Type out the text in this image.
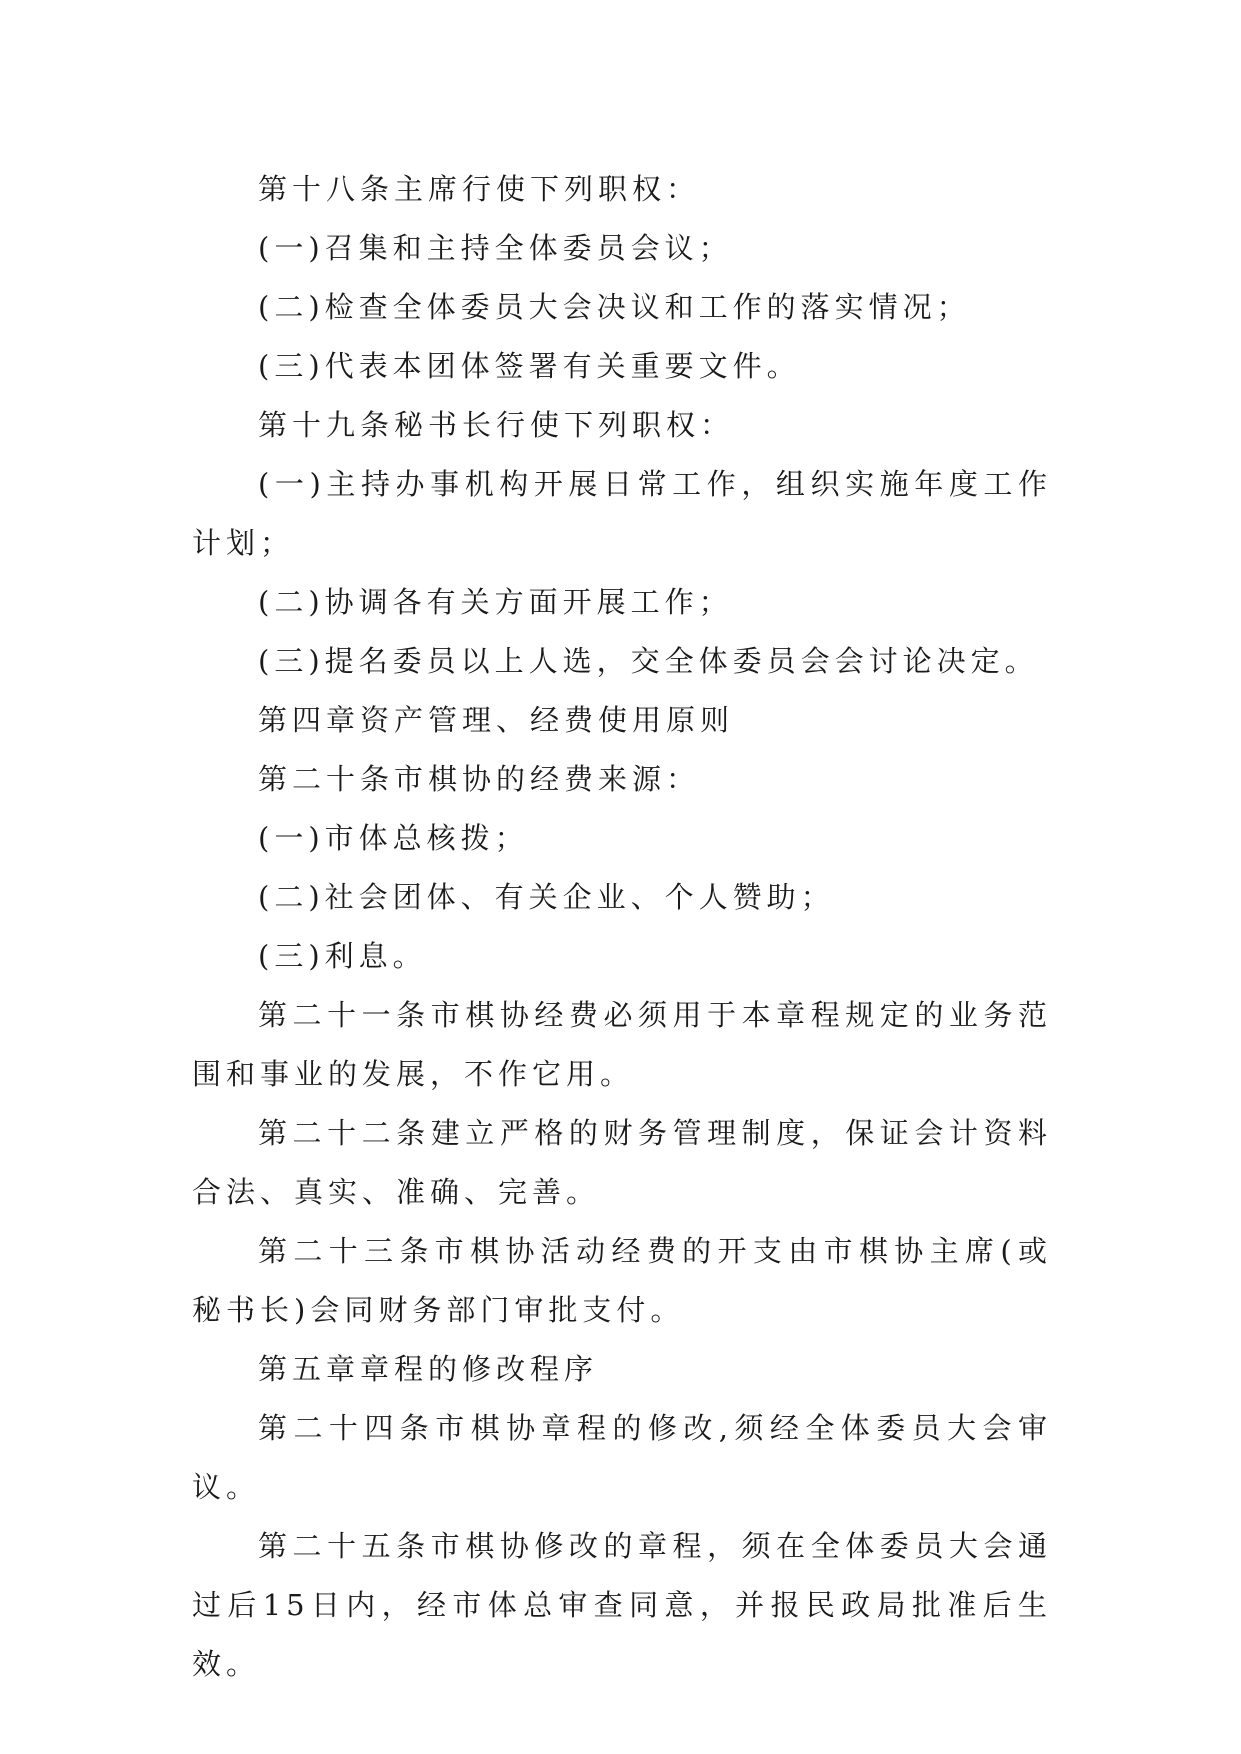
第十八条主席行使下列职权：

(一)召集和主持全体委员会议；

(二)检查全体委员大会决议和工作的落实情况；

(三)代表本团体签署有关重要文件。

第十九条秘书长行使下列职权：

(一)主持办事机构开展日常工作，组织实施年度工作计划；

(二)协调各有关方面开展工作；

(三)提名委员以上人选，交全体委员会会讨论决定。

第四章资产管理、经费使用原则

第二十条市棋协的经费来源：

(一)市体总核拨；

(二)社会团体、有关企业、个人赞助；

(三)利息。

第二十一条市棋协经费必须用于本章程规定的业务范围和事业的发展，不作它用。

第二十二条建立严格的财务管理制度，保证会计资料合法、真实、准确、完善。

第二十三条市棋协活动经费的开支由市棋协主席(或秘书长)会同财务部门审批支付。

第五章章程的修改程序

第二十四条市棋协章程的修改,须经全体委员大会审议。

第二十五条市棋协修改的章程，须在全体委员大会通过后15日内，经市体总审查同意，并报民政局批准后生效。
